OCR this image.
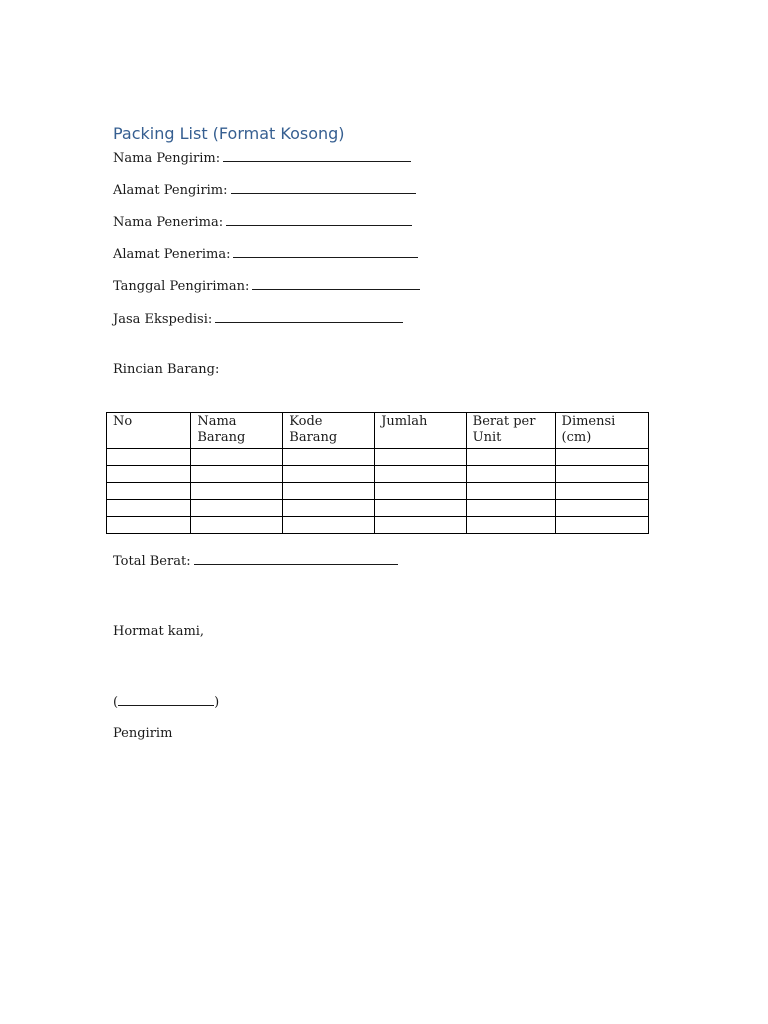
Packing List (Format Kosong)
Nama Pengirim:
Alamat Pengirim:
Nama Penerima:
Alamat Penerima:
Tanggal Pengiriman:
Jasa Ekspedisi:
Rincian Barang:
No	Nama Barang	Kode Barang	Jumlah	Berat per Unit	Dimensi (cm)

Total Berat:
Hormat kami,
(	)
Pengirim
